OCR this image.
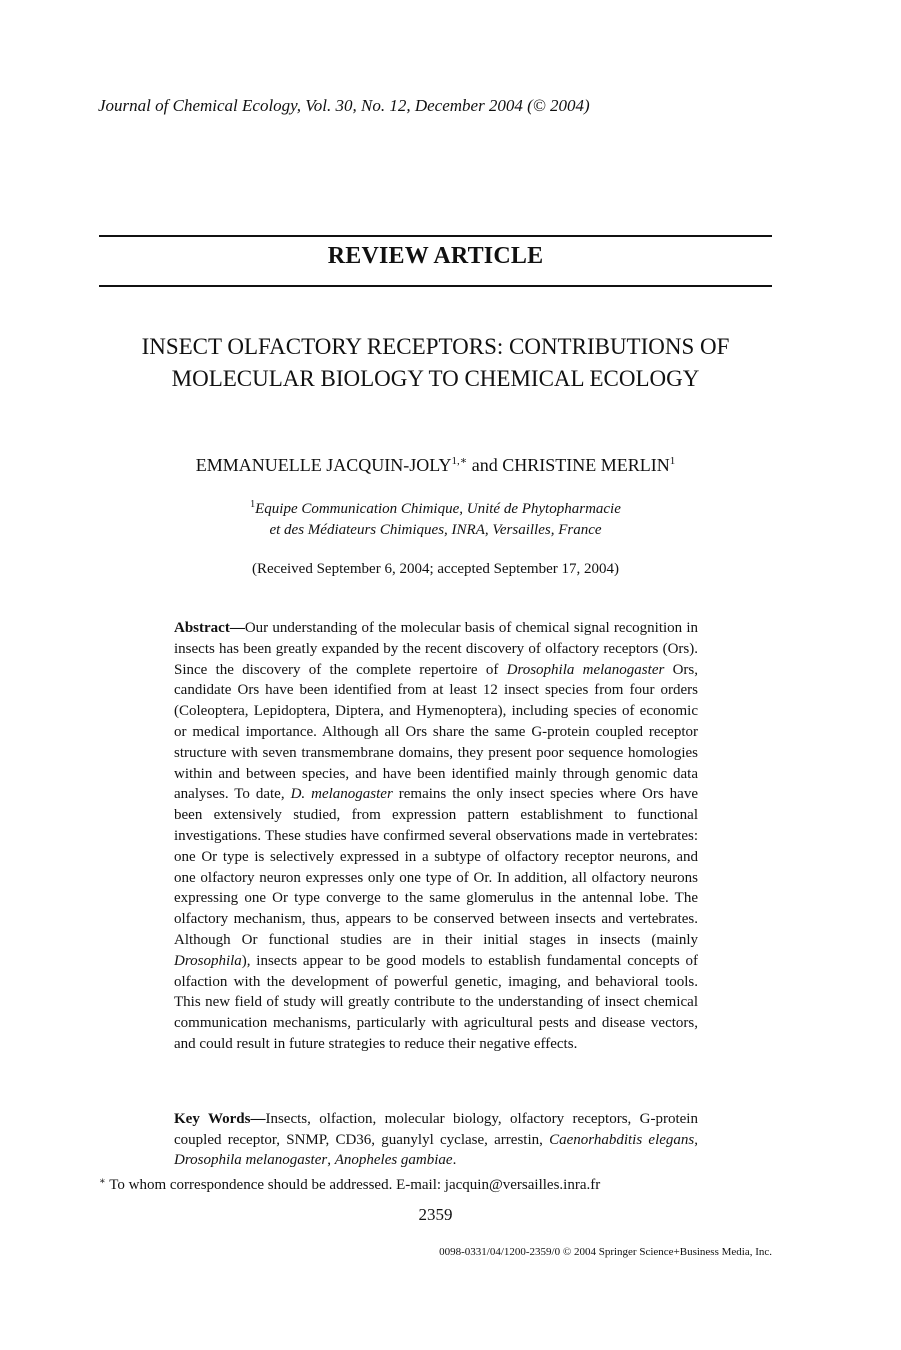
Journal of Chemical Ecology, Vol. 30, No. 12, December 2004 (© 2004)
REVIEW ARTICLE
INSECT OLFACTORY RECEPTORS: CONTRIBUTIONS OF
MOLECULAR BIOLOGY TO CHEMICAL ECOLOGY
EMMANUELLE JACQUIN-$JOLY^{1,∗}$ and CHRISTINE MERLIN$^1$
$^1$Equipe Communication Chimique, Unité de Phytopharmacie
et des Médiateurs Chimiques, INRA, Versailles, France
(Received September 6, 2004; accepted September 17, 2004)

Abstract—Our understanding of the molecular basis of chemical signal recognition in insects has been greatly expanded by the recent discovery of olfactory receptors (Ors). Since the discovery of the complete repertoire of Drosophila melanogaster Ors, candidate Ors have been identified from at least 12 insect species from four orders (Coleoptera, Lepidoptera, Diptera, and Hymenoptera), including species of economic or medical importance. Although all Ors share the same G-protein coupled receptor structure with seven transmembrane domains, they present poor sequence homologies within and between species, and have been identified mainly through genomic data analyses. To date, D. melanogaster remains the only insect species where Ors have been extensively studied, from expression pattern establishment to functional investigations. These studies have confirmed several observations made in vertebrates: one Or type is selectively expressed in a subtype of olfactory receptor neurons, and one olfactory neuron expresses only one type of Or. In addition, all olfactory neurons expressing one Or type converge to the same glomerulus in the antennal lobe. The olfactory mechanism, thus, appears to be conserved between insects and vertebrates. Although Or functional studies are in their initial stages in insects (mainly Drosophila), insects appear to be good models to establish fundamental concepts of olfaction with the development of powerful genetic, imaging, and behavioral tools. This new field of study will greatly contribute to the understanding of insect chemical communication mechanisms, particularly with agricultural pests and disease vectors, and could result in future strategies to reduce their negative effects.

Key Words—Insects, olfaction, molecular biology, olfactory receptors, G-protein coupled receptor, SNMP, CD36, guanylyl cyclase, arrestin, Caenorhabditis elegans, Drosophila melanogaster, Anopheles gambiae.

∗ To whom correspondence should be addressed. E-mail: jacquin@versailles.inra.fr
2359
0098-0331/04/1200-2359/0 © 2004 Springer Science+Business Media, Inc.
